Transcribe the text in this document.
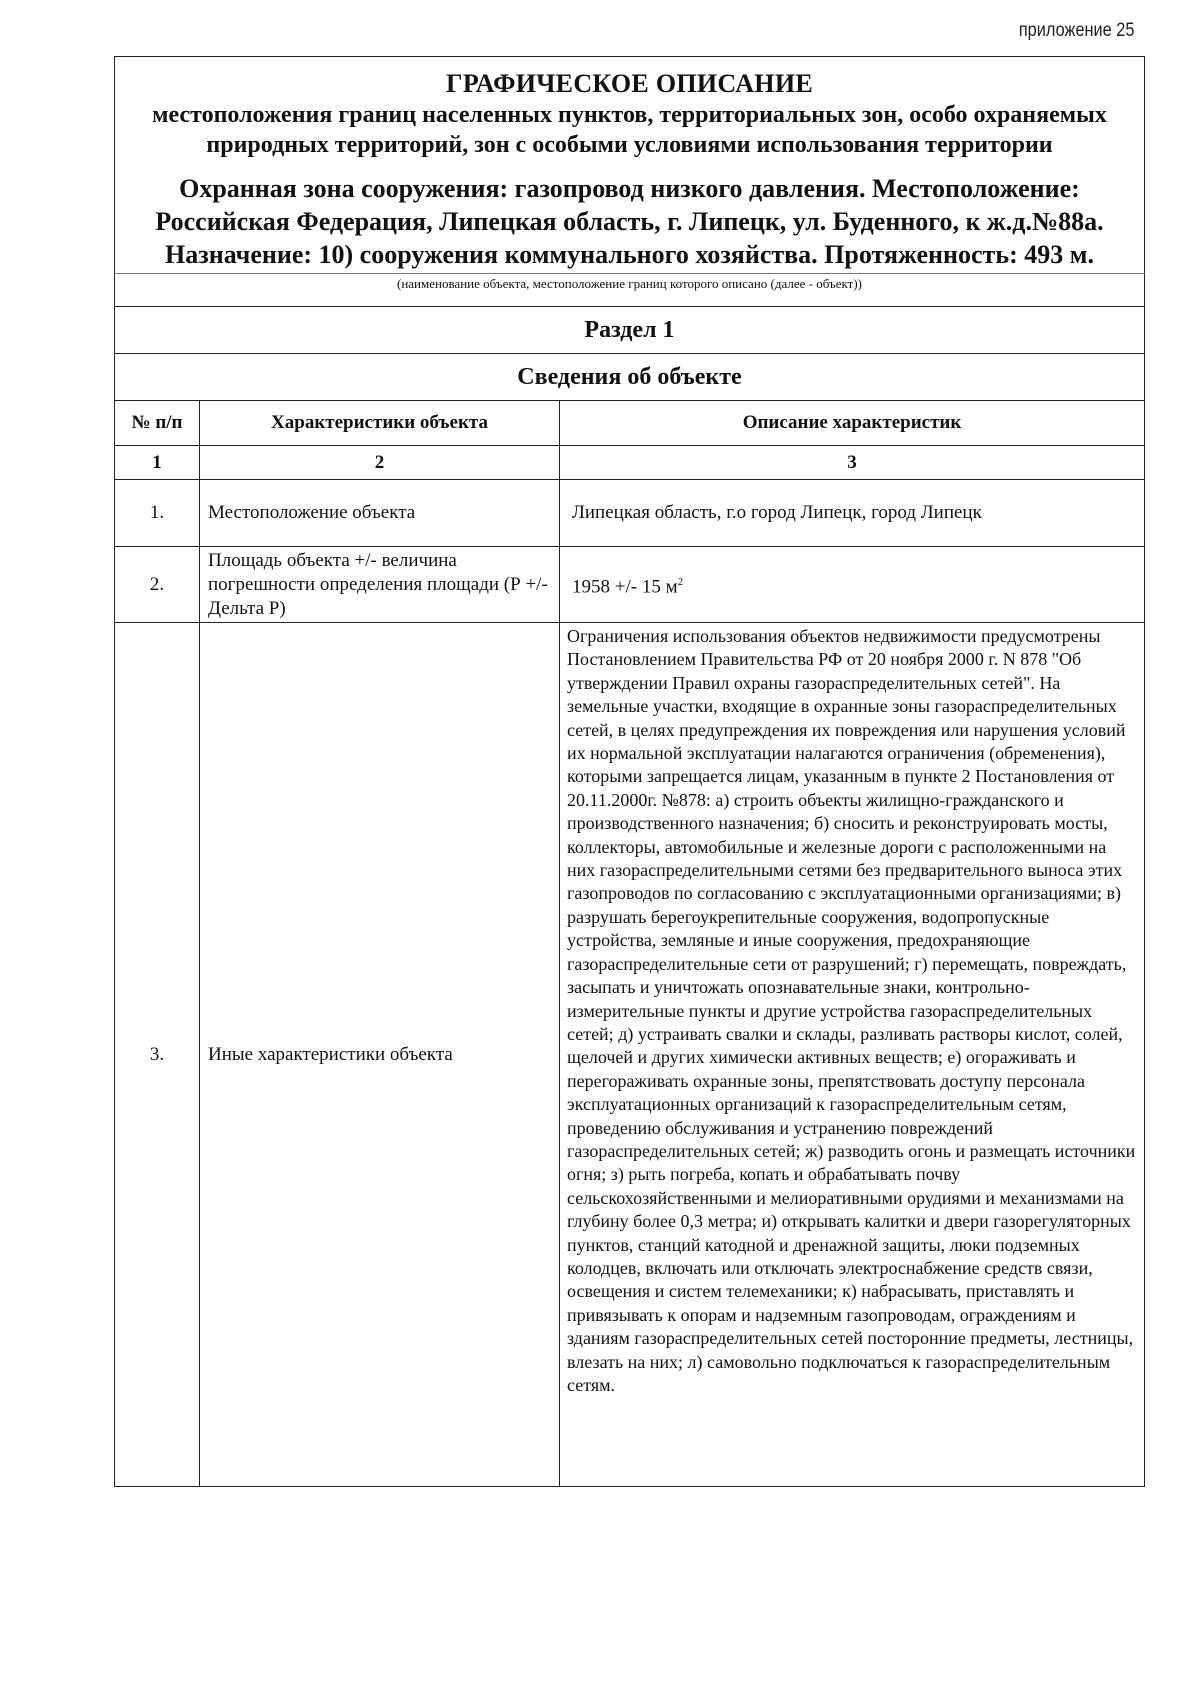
приложение 25
ГРАФИЧЕСКОЕ ОПИСАНИЕ
местоположения границ населенных пунктов, территориальных зон, особо охраняемых природных территорий, зон с особыми условиями использования территории
Охранная зона сооружения: газопровод низкого давления. Местоположение: Российская Федерация, Липецкая область, г. Липецк, ул. Буденного, к ж.д.№88а. Назначение: 10) сооружения коммунального хозяйства. Протяженность: 493 м.		

(наименование объекта, местоположение границ которого описано (далее - объект))		
Раздел 1		
Сведения об объекте		
№ п/п	Характеристики объекта	Описание характеристик
1	2	3
1.	Местоположение объекта	Липецкая область, г.о город Липецк, город Липецк
2.	Площадь объекта +/- величина погрешности определения площади (Р +/- Дельта Р)	1958 +/- 15 $м^2$
3.	Иные характеристики объекта	Ограничения использования объектов недвижимости предусмотрены Постановлением Правительства РФ от 20 ноября 2000 г. N 878 "Об утверждении Правил охраны газораспределительных сетей". На земельные участки, входящие в охранные зоны газораспределительных сетей, в целях предупреждения их повреждения или нарушения условий их нормальной эксплуатации налагаются ограничения (обременения), которыми запрещается лицам, указанным в пункте 2 Постановления от 20.11.2000г. №878: а) строить объекты жилищно-гражданского и производственного назначения; б) сносить и реконструировать мосты, коллекторы, автомобильные и железные дороги с расположенными на них газораспределительными сетями без предварительного выноса этих газопроводов по согласованию с эксплуатационными организациями; в) разрушать берегоукрепительные сооружения, водопропускные устройства, земляные и иные сооружения, предохраняющие газораспределительные сети от разрушений; г) перемещать, повреждать, засыпать и уничтожать опознавательные знаки, контрольно-измерительные пункты и другие устройства газораспределительных сетей; д) устраивать свалки и склады, разливать растворы кислот, солей, щелочей и других химически активных веществ; е) огораживать и перегораживать охранные зоны, препятствовать доступу персонала эксплуатационных организаций к газораспределительным сетям, проведению обслуживания и устранению повреждений газораспределительных сетей; ж) разводить огонь и размещать источники огня; з) рыть погреба, копать и обрабатывать почву сельскохозяйственными и мелиоративными орудиями и механизмами на глубину более 0,3 метра; и) открывать калитки и двери газорегуляторных пунктов, станций катодной и дренажной защиты, люки подземных колодцев, включать или отключать электроснабжение средств связи, освещения и систем телемеханики; к) набрасывать, приставлять и привязывать к опорам и надземным газопроводам, ограждениям и зданиям газораспределительных сетей посторонние предметы, лестницы, влезать на них; л) самовольно подключаться к газораспределительным сетям.
